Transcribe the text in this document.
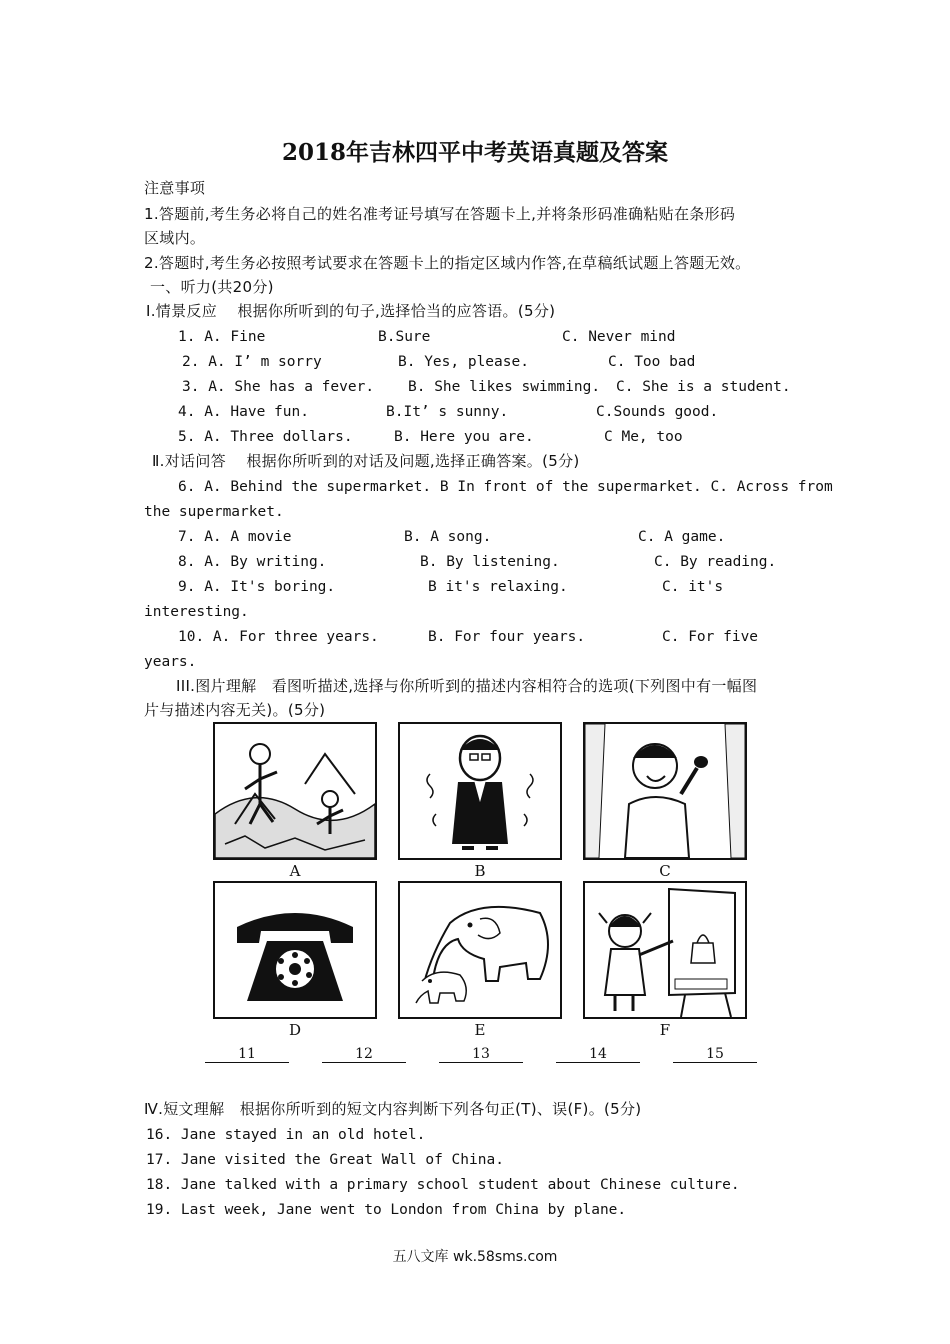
2018年吉林四平中考英语真题及答案
注意事项
1.答题前,考生务必将自己的姓名准考证号填写在答题卡上,并将条形码准确粘贴在条形码
区域内。
2.答题时,考生务必按照考试要求在答题卡上的指定区域内作答,在草稿纸试题上答题无效。
一、听力(共20分)
Ⅰ.情景反应　 根据你所听到的句子,选择恰当的应答语。(5分)
1. A. Fine	B.Sure	C. Never mind
2. A. I’ m sorry	B. Yes, please.	C. Too bad
3. A. She has a fever. B. She likes swimming. C. She is a student.
4. A. Have fun.	B.It’ s sunny.	C.Sounds good.
5. A. Three dollars.	B. Here you are.	C Me, too
Ⅱ.对话问答　 根据你所听到的对话及问题,选择正确答案。(5分)
6. A. Behind the supermarket. B In front of the supermarket. C. Across from
the supermarket.
7. A. A movie	B. A song.	C. A game.
8. A. By writing.	B. By listening.	C. By reading.
9. A. It's boring.	B it's relaxing.	C. it's
interesting.
10. A. For three years.	B. For four years.	C. For five
years.
III.图片理解　看图听描述,选择与你所听到的描述内容相符合的选项(下列图中有一幅图
片与描述内容无关)。(5分)
A	B	C
D	E	F
11	12	13	14	15
Ⅳ.短文理解　根据你所听到的短文内容判断下列各句正(T)、误(F)。(5分)
16. Jane stayed in an old hotel.
17. Jane visited the Great Wall of China.
18. Jane talked with a primary school student about Chinese culture.
19. Last week, Jane went to London from China by plane.
五八文库 wk.58sms.com
